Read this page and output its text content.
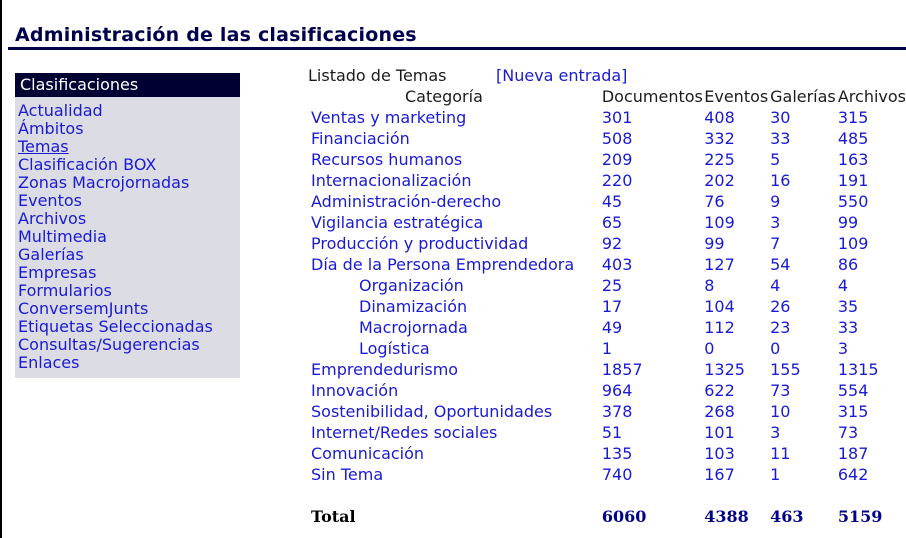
Administración de las clasificaciones
Clasificaciones
Actualidad
Ámbitos
Temas
Clasificación BOX
Zonas Macrojornadas
Eventos
Archivos
Multimedia
Galerías
Empresas
Formularios
ConversemJunts
Etiquetas Seleccionadas
Consultas/Sugerencias
Enlaces
Listado de Temas	[Nueva entrada]
Categoría	Documentos	Eventos	Galerías	Archivos
Ventas y marketing	301	408	30	315
Financiación	508	332	33	485
Recursos humanos	209	225	5	163
Internacionalización	220	202	16	191
Administración-derecho	45	76	9	550
Vigilancia estratégica	65	109	3	99
Producción y productividad	92	99	7	109
Día de la Persona Emprendedora	403	127	54	86
Organización	25	8	4	4
Dinamización	17	104	26	35
Macrojornada	49	112	23	33
Logística	1	0	0	3
Emprendedurismo	1857	1325	155	1315
Innovación	964	622	73	554
Sostenibilidad, Oportunidades	378	268	10	315
Internet/Redes sociales	51	101	3	73
Comunicación	135	103	11	187
Sin Tema	740	167	1	642

Total	6060	4388	463	5159
